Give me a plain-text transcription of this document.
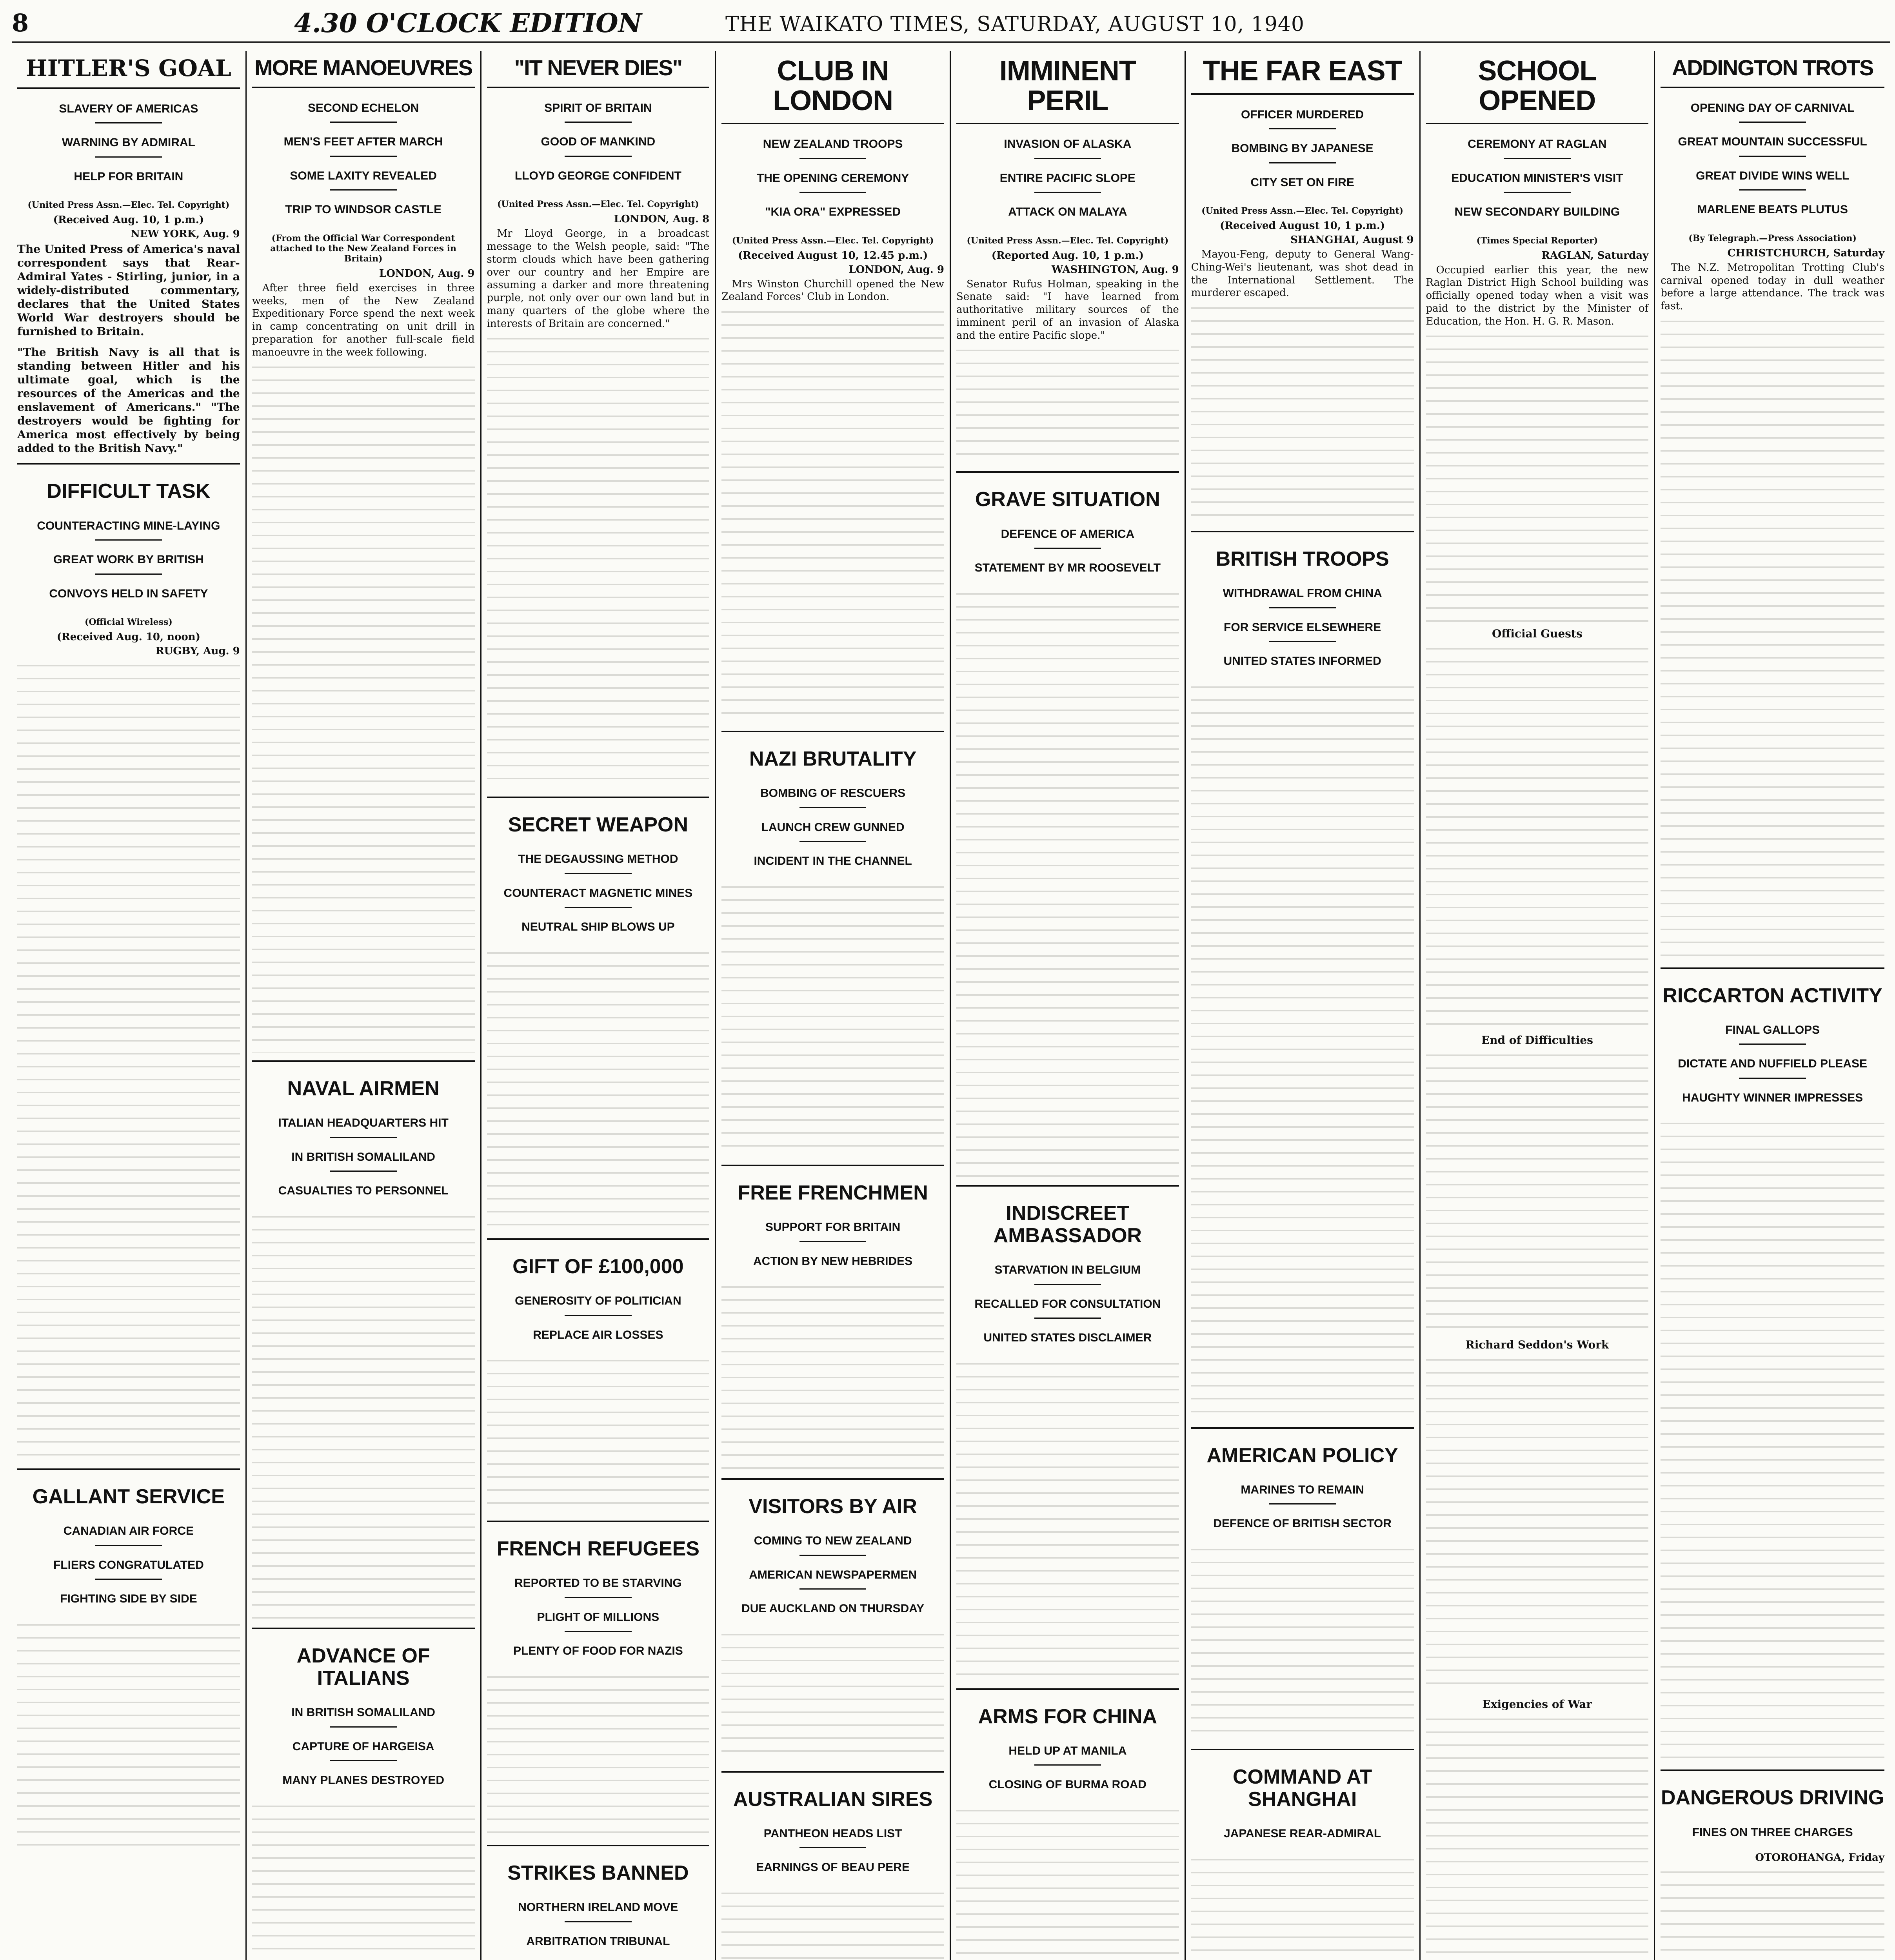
8	4.30 O'CLOCK EDITION	THE WAIKATO TIMES, SATURDAY, AUGUST 10, 1940
HITLER'S GOAL
SLAVERY OF AMERICAS
WARNING BY ADMIRAL
HELP FOR BRITAIN
(United Press Assn.—Elec. Tel. Copyright)
(Received Aug. 10, 1 p.m.)
NEW YORK, Aug. 9

The United Press of America's naval correspondent says that Rear-Admiral Yates - Stirling, junior, in a widely-distributed commentary, declares that the United States World War destroyers should be furnished to Britain.

"The British Navy is all that is standing between Hitler and his ultimate goal, which is the resources of the Americas and the enslavement of Americans." "The destroyers would be fighting for America most effectively by being added to the British Navy."

DIFFICULT TASK
COUNTERACTING MINE-LAYING
GREAT WORK BY BRITISH
CONVOYS HELD IN SAFETY
(Official Wireless)
(Received Aug. 10, noon)
RUGBY, Aug. 9
GALLANT SERVICE
CANADIAN AIR FORCE
FLIERS CONGRATULATED
FIGHTING SIDE BY SIDE
MORE MANOEUVRES
SECOND ECHELON
MEN'S FEET AFTER MARCH
SOME LAXITY REVEALED
TRIP TO WINDSOR CASTLE
(From the Official War Correspondent attached to the New Zealand Forces in Britain)
LONDON, Aug. 9

After three field exercises in three weeks, men of the New Zealand Expeditionary Force spend the next week in camp concentrating on unit drill in preparation for another full-scale field manoeuvre in the week following.

NAVAL AIRMEN
ITALIAN HEADQUARTERS HIT
IN BRITISH SOMALILAND
CASUALTIES TO PERSONNEL
ADVANCE OF ITALIANS
IN BRITISH SOMALILAND
CAPTURE OF HARGEISA
MANY PLANES DESTROYED
"IT NEVER DIES"
SPIRIT OF BRITAIN
GOOD OF MANKIND
LLOYD GEORGE CONFIDENT
(United Press Assn.—Elec. Tel. Copyright)
LONDON, Aug. 8

Mr Lloyd George, in a broadcast message to the Welsh people, said: "The storm clouds which have been gathering over our country and her Empire are assuming a darker and more threatening purple, not only over our own land but in many quarters of the globe where the interests of Britain are concerned."

SECRET WEAPON
THE DEGAUSSING METHOD
COUNTERACT MAGNETIC MINES
NEUTRAL SHIP BLOWS UP
GIFT OF £100,000
GENEROSITY OF POLITICIAN
REPLACE AIR LOSSES
FRENCH REFUGEES
REPORTED TO BE STARVING
PLIGHT OF MILLIONS
PLENTY OF FOOD FOR NAZIS
STRIKES BANNED
NORTHERN IRELAND MOVE
ARBITRATION TRIBUNAL
CLUB IN LONDON
NEW ZEALAND TROOPS
THE OPENING CEREMONY
"KIA ORA" EXPRESSED
(United Press Assn.—Elec. Tel. Copyright)
(Received August 10, 12.45 p.m.)
LONDON, Aug. 9

Mrs Winston Churchill opened the New Zealand Forces' Club in London.

NAZI BRUTALITY
BOMBING OF RESCUERS
LAUNCH CREW GUNNED
INCIDENT IN THE CHANNEL
FREE FRENCHMEN
SUPPORT FOR BRITAIN
ACTION BY NEW HEBRIDES
VISITORS BY AIR
COMING TO NEW ZEALAND
AMERICAN NEWSPAPERMEN
DUE AUCKLAND ON THURSDAY
AUSTRALIAN SIRES
PANTHEON HEADS LIST
EARNINGS OF BEAU PERE
IMMINENT PERIL
INVASION OF ALASKA
ENTIRE PACIFIC SLOPE
ATTACK ON MALAYA
(United Press Assn.—Elec. Tel. Copyright)
(Reported Aug. 10, 1 p.m.)
WASHINGTON, Aug. 9

Senator Rufus Holman, speaking in the Senate said: "I have learned from authoritative military sources of the imminent peril of an invasion of Alaska and the entire Pacific slope."

GRAVE SITUATION
DEFENCE OF AMERICA
STATEMENT BY MR ROOSEVELT
INDISCREET AMBASSADOR
STARVATION IN BELGIUM
RECALLED FOR CONSULTATION
UNITED STATES DISCLAIMER
ARMS FOR CHINA
HELD UP AT MANILA
CLOSING OF BURMA ROAD
THE FAR EAST
OFFICER MURDERED
BOMBING BY JAPANESE
CITY SET ON FIRE
(United Press Assn.—Elec. Tel. Copyright)
(Received August 10, 1 p.m.)
SHANGHAI, August 9

Mayou-Feng, deputy to General Wang-Ching-Wei's lieutenant, was shot dead in the International Settlement. The murderer escaped.

BRITISH TROOPS
WITHDRAWAL FROM CHINA
FOR SERVICE ELSEWHERE
UNITED STATES INFORMED
AMERICAN POLICY
MARINES TO REMAIN
DEFENCE OF BRITISH SECTOR
COMMAND AT SHANGHAI
JAPANESE REAR-ADMIRAL
SCHOOL OPENED
CEREMONY AT RAGLAN
EDUCATION MINISTER'S VISIT
NEW SECONDARY BUILDING
(Times Special Reporter)
RAGLAN, Saturday

Occupied earlier this year, the new Raglan District High School building was officially opened today when a visit was paid to the district by the Minister of Education, the Hon. H. G. R. Mason.

Official Guests
End of Difficulties
Richard Seddon's Work
Exigencies of War
ADDINGTON TROTS
OPENING DAY OF CARNIVAL
GREAT MOUNTAIN SUCCESSFUL
GREAT DIVIDE WINS WELL
MARLENE BEATS PLUTUS
(By Telegraph.—Press Association)
CHRISTCHURCH, Saturday

The N.Z. Metropolitan Trotting Club's carnival opened today in dull weather before a large attendance. The track was fast.

RICCARTON ACTIVITY
FINAL GALLOPS
DICTATE AND NUFFIELD PLEASE
HAUGHTY WINNER IMPRESSES
DANGEROUS DRIVING
FINES ON THREE CHARGES
OTOROHANGA, Friday
